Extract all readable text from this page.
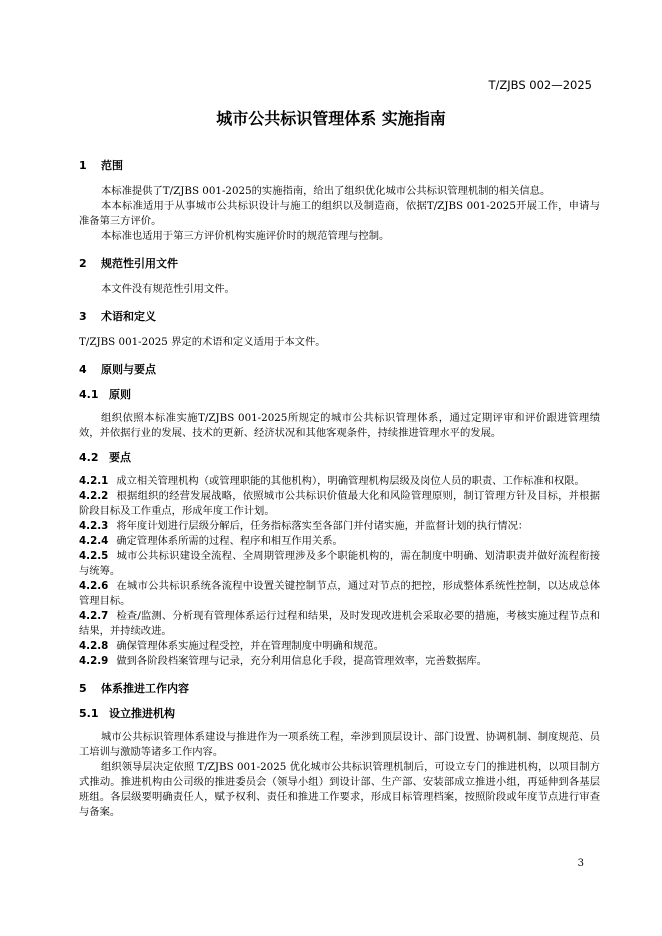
T/ZJBS 002—2025
城市公共标识管理体系 实施指南
1 范围

本标准提供了T/ZJBS 001-2025的实施指南，给出了组织优化城市公共标识管理机制的相关信息。

本本标准适用于从事城市公共标识设计与施工的组织以及制造商，依据T/ZJBS 001-2025开展工作，申请与准备第三方评价。

本标准也适用于第三方评价机构实施评价时的规范管理与控制。

2 规范性引用文件

本文件没有规范性引用文件。

3 术语和定义

T/ZJBS 001-2025 界定的术语和定义适用于本文件。

4 原则与要点
4.1 原则

组织依照本标准实施T/ZJBS 001-2025所规定的城市公共标识管理体系，通过定期评审和评价跟进管理绩效，并依据行业的发展、技术的更新、经济状况和其他客观条件，持续推进管理水平的发展。

4.2 要点

4.2.1 成立相关管理机构（或管理职能的其他机构），明确管理机构层级及岗位人员的职责、工作标准和权限。

4.2.2 根据组织的经营发展战略，依照城市公共标识价值最大化和风险管理原则，制订管理方针及目标，并根据阶段目标及工作重点，形成年度工作计划。

4.2.3 将年度计划进行层级分解后，任务指标落实至各部门并付诸实施，并监督计划的执行情况：

4.2.4 确定管理体系所需的过程、程序和相互作用关系。

4.2.5 城市公共标识建设全流程、全周期管理涉及多个职能机构的，需在制度中明确、划清职责并做好流程衔接与统筹。

4.2.6 在城市公共标识系统各流程中设置关键控制节点，通过对节点的把控，形成整体系统性控制，以达成总体管理目标。

4.2.7 检查/监测、分析现有管理体系运行过程和结果，及时发现改进机会采取必要的措施，考核实施过程节点和结果，并持续改进。

4.2.8 确保管理体系实施过程受控，并在管理制度中明确和规范。

4.2.9 做到各阶段档案管理与记录，充分利用信息化手段，提高管理效率，完善数据库。

5 体系推进工作内容
5.1 设立推进机构

城市公共标识管理体系建设与推进作为一项系统工程，牵涉到顶层设计、部门设置、协调机制、制度规范、员工培训与激励等诸多工作内容。

组织领导层决定依照 T/ZJBS 001-2025 优化城市公共标识管理机制后，可设立专门的推进机构，以项目制方式推动。推进机构由公司级的推进委员会（领导小组）到设计部、生产部、安装部成立推进小组，再延伸到各基层班组。各层级要明确责任人，赋予权利、责任和推进工作要求，形成目标管理档案，按照阶段或年度节点进行审查与备案。

3
